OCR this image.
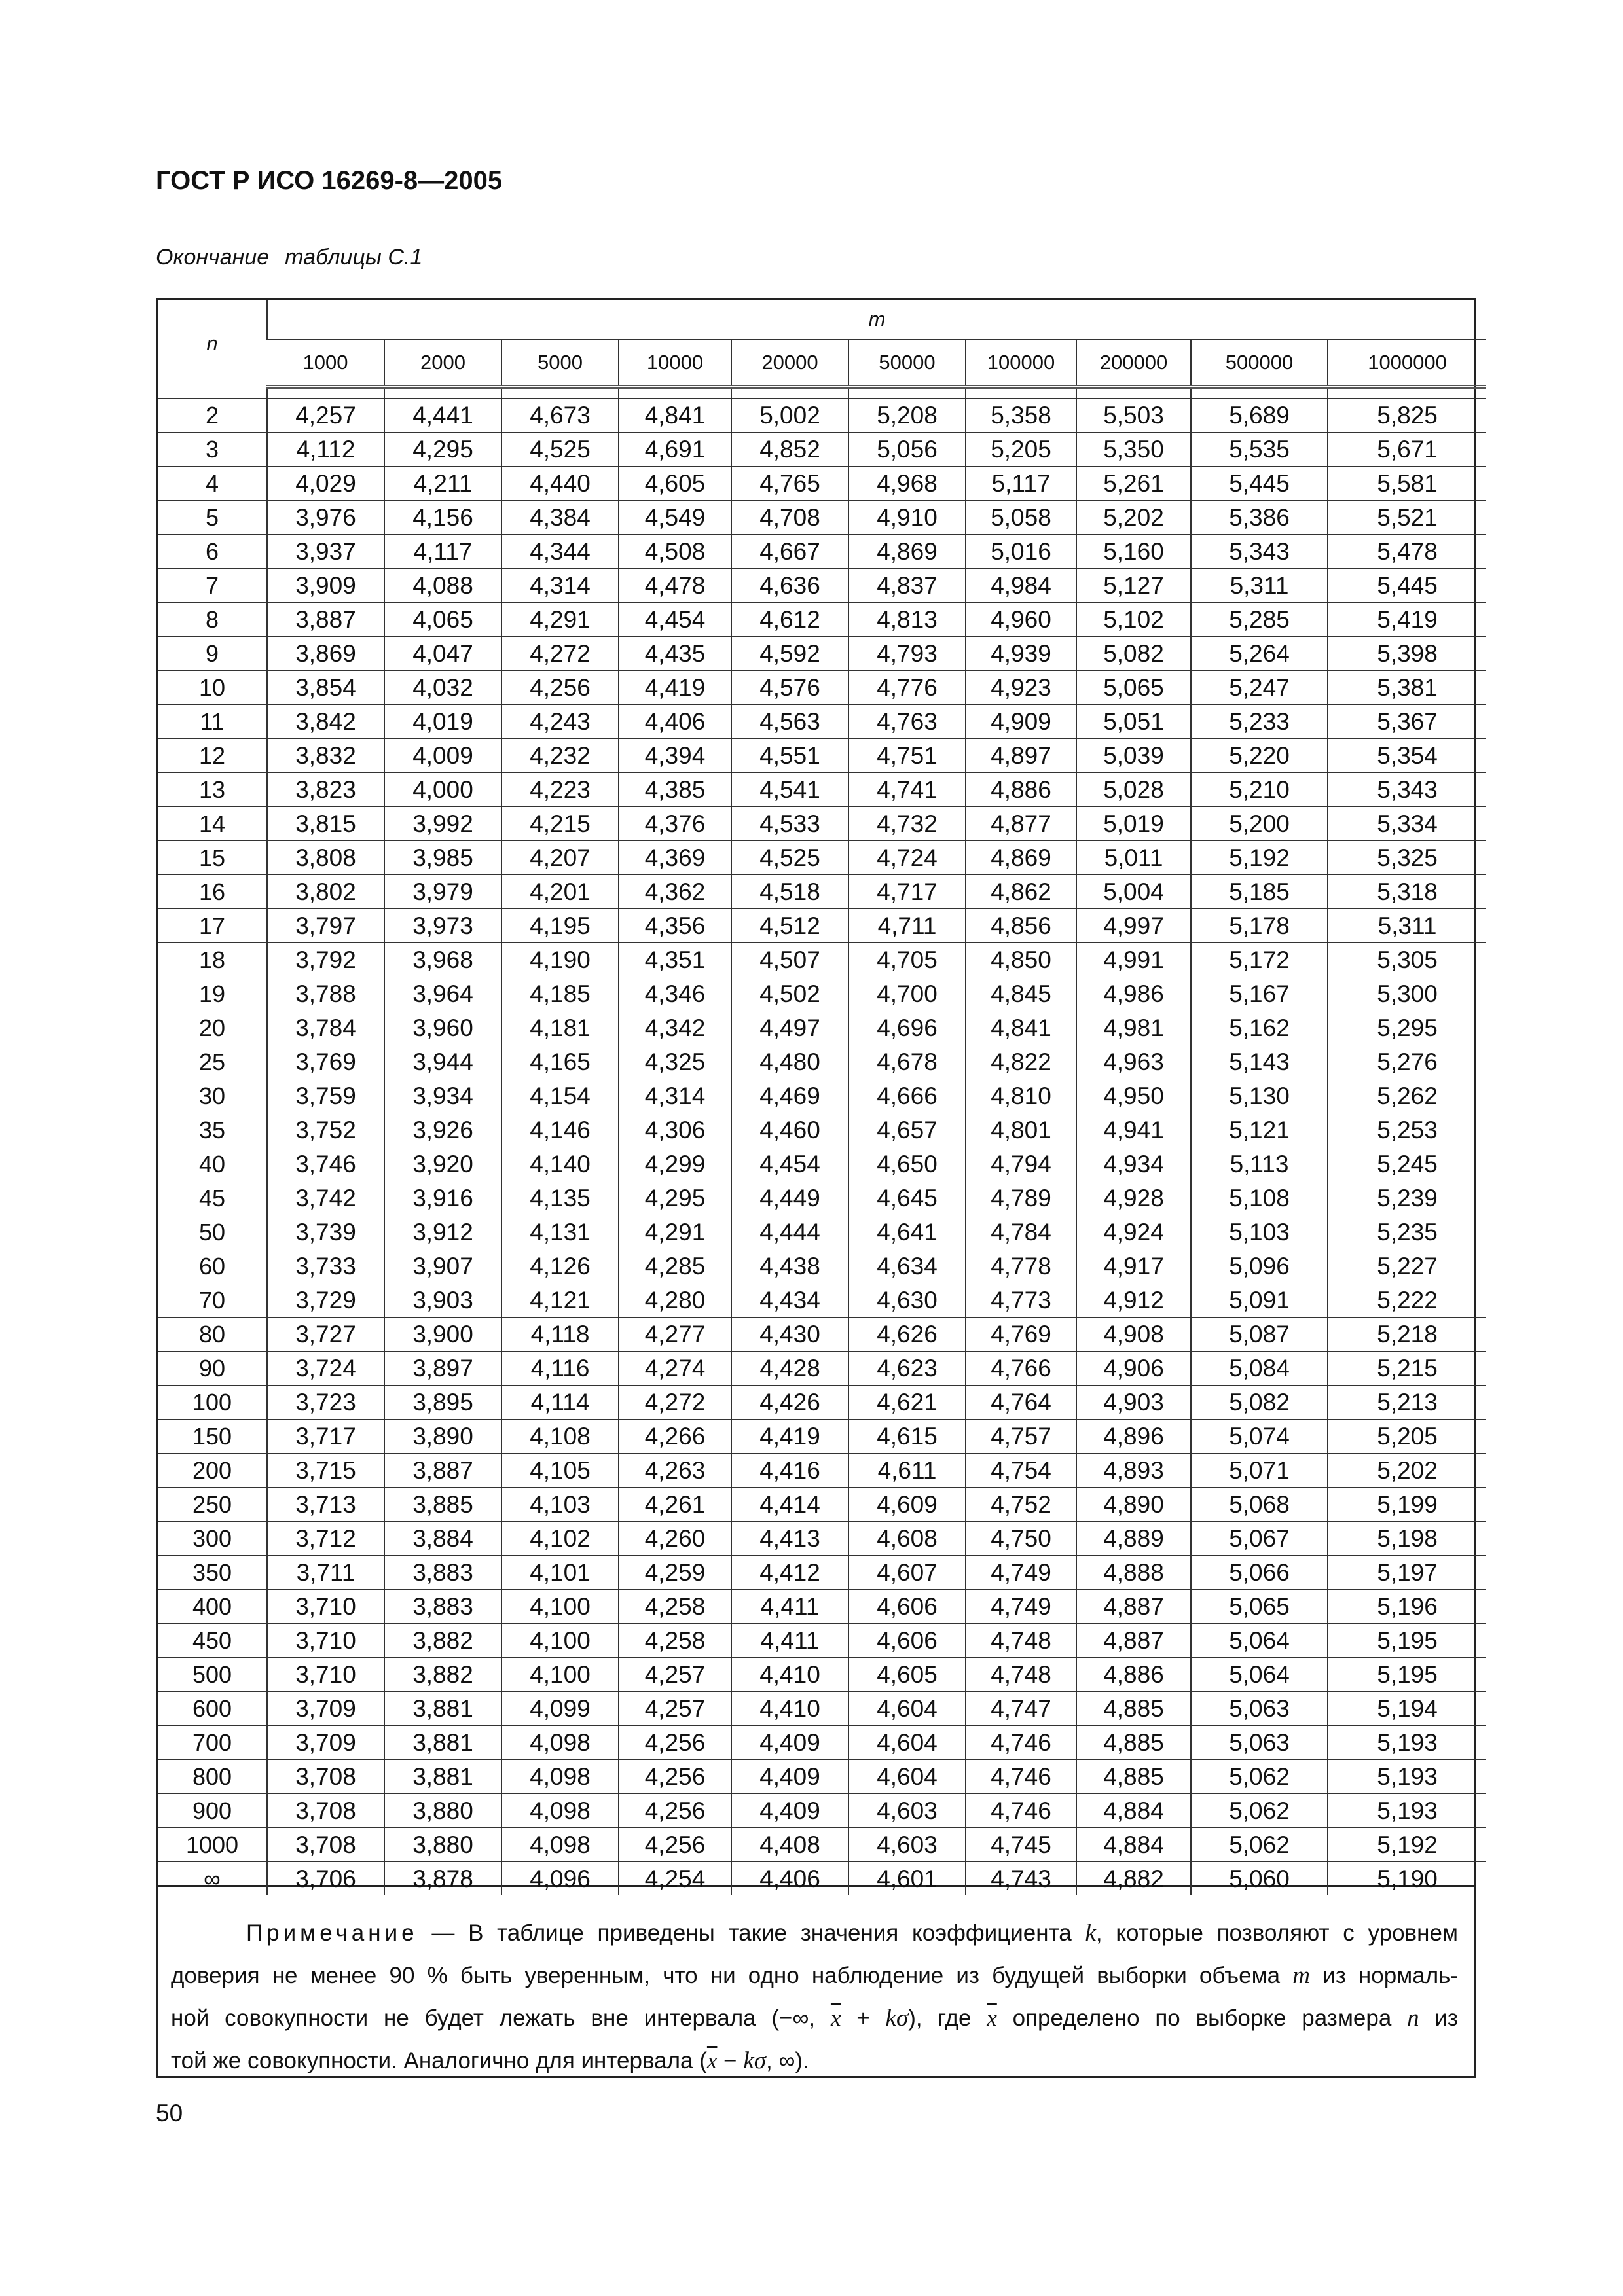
ГОСТ Р ИСО 16269-8—2005
Окончание таблицы С.1
n	m									
	1000	2000	5000	10000	20000	50000	100000	200000	500000	1000000

2	4,257	4,441	4,673	4,841	5,002	5,208	5,358	5,503	5,689	5,825
3	4,112	4,295	4,525	4,691	4,852	5,056	5,205	5,350	5,535	5,671
4	4,029	4,211	4,440	4,605	4,765	4,968	5,117	5,261	5,445	5,581
5	3,976	4,156	4,384	4,549	4,708	4,910	5,058	5,202	5,386	5,521
6	3,937	4,117	4,344	4,508	4,667	4,869	5,016	5,160	5,343	5,478
7	3,909	4,088	4,314	4,478	4,636	4,837	4,984	5,127	5,311	5,445
8	3,887	4,065	4,291	4,454	4,612	4,813	4,960	5,102	5,285	5,419
9	3,869	4,047	4,272	4,435	4,592	4,793	4,939	5,082	5,264	5,398
10	3,854	4,032	4,256	4,419	4,576	4,776	4,923	5,065	5,247	5,381
11	3,842	4,019	4,243	4,406	4,563	4,763	4,909	5,051	5,233	5,367
12	3,832	4,009	4,232	4,394	4,551	4,751	4,897	5,039	5,220	5,354
13	3,823	4,000	4,223	4,385	4,541	4,741	4,886	5,028	5,210	5,343
14	3,815	3,992	4,215	4,376	4,533	4,732	4,877	5,019	5,200	5,334
15	3,808	3,985	4,207	4,369	4,525	4,724	4,869	5,011	5,192	5,325
16	3,802	3,979	4,201	4,362	4,518	4,717	4,862	5,004	5,185	5,318
17	3,797	3,973	4,195	4,356	4,512	4,711	4,856	4,997	5,178	5,311
18	3,792	3,968	4,190	4,351	4,507	4,705	4,850	4,991	5,172	5,305
19	3,788	3,964	4,185	4,346	4,502	4,700	4,845	4,986	5,167	5,300
20	3,784	3,960	4,181	4,342	4,497	4,696	4,841	4,981	5,162	5,295
25	3,769	3,944	4,165	4,325	4,480	4,678	4,822	4,963	5,143	5,276
30	3,759	3,934	4,154	4,314	4,469	4,666	4,810	4,950	5,130	5,262
35	3,752	3,926	4,146	4,306	4,460	4,657	4,801	4,941	5,121	5,253
40	3,746	3,920	4,140	4,299	4,454	4,650	4,794	4,934	5,113	5,245
45	3,742	3,916	4,135	4,295	4,449	4,645	4,789	4,928	5,108	5,239
50	3,739	3,912	4,131	4,291	4,444	4,641	4,784	4,924	5,103	5,235
60	3,733	3,907	4,126	4,285	4,438	4,634	4,778	4,917	5,096	5,227
70	3,729	3,903	4,121	4,280	4,434	4,630	4,773	4,912	5,091	5,222
80	3,727	3,900	4,118	4,277	4,430	4,626	4,769	4,908	5,087	5,218
90	3,724	3,897	4,116	4,274	4,428	4,623	4,766	4,906	5,084	5,215
100	3,723	3,895	4,114	4,272	4,426	4,621	4,764	4,903	5,082	5,213
150	3,717	3,890	4,108	4,266	4,419	4,615	4,757	4,896	5,074	5,205
200	3,715	3,887	4,105	4,263	4,416	4,611	4,754	4,893	5,071	5,202
250	3,713	3,885	4,103	4,261	4,414	4,609	4,752	4,890	5,068	5,199
300	3,712	3,884	4,102	4,260	4,413	4,608	4,750	4,889	5,067	5,198
350	3,711	3,883	4,101	4,259	4,412	4,607	4,749	4,888	5,066	5,197
400	3,710	3,883	4,100	4,258	4,411	4,606	4,749	4,887	5,065	5,196
450	3,710	3,882	4,100	4,258	4,411	4,606	4,748	4,887	5,064	5,195
500	3,710	3,882	4,100	4,257	4,410	4,605	4,748	4,886	5,064	5,195
600	3,709	3,881	4,099	4,257	4,410	4,604	4,747	4,885	5,063	5,194
700	3,709	3,881	4,098	4,256	4,409	4,604	4,746	4,885	5,063	5,193
800	3,708	3,881	4,098	4,256	4,409	4,604	4,746	4,885	5,062	5,193
900	3,708	3,880	4,098	4,256	4,409	4,603	4,746	4,884	5,062	5,193
1000	3,708	3,880	4,098	4,256	4,408	4,603	4,745	4,884	5,062	5,192
∞	3,706	3,878	4,096	4,254	4,406	4,601	4,743	4,882	5,060	5,190
Примечание — В таблице приведены такие значения коэффициента k, которые позволяют с уровнем
доверия не менее 90 % быть уверенным, что ни одно наблюдение из будущей выборки объема m из нормаль-
ной совокупности не будет лежать вне интервала (−∞, $\overline{x} + k\sigma$), где $\overline{x}$ определено по выборке размера n из
той же совокупности. Аналогично для интервала ($\overline{x} - k\sigma$, ∞).
50
